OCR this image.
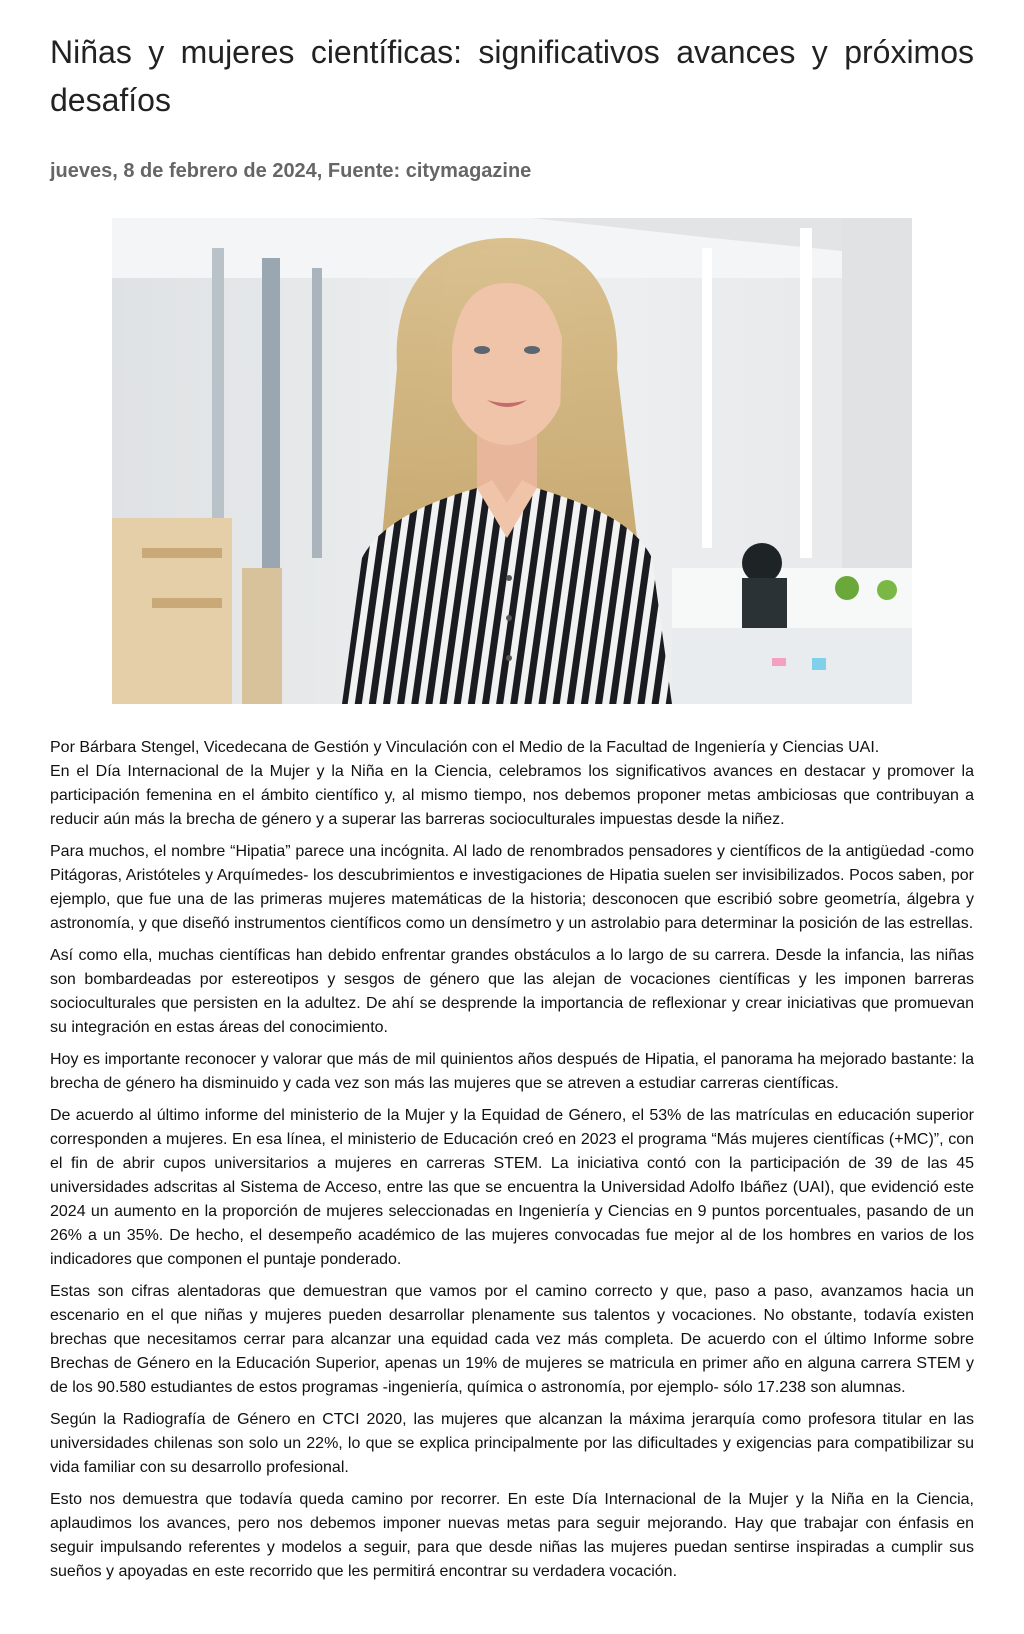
Niñas y mujeres científicas: significativos avances y próximos desafíos
jueves, 8 de febrero de 2024, Fuente: citymagazine

Por Bárbara Stengel, Vicedecana de Gestión y Vinculación con el Medio de la Facultad de Ingeniería y Ciencias UAI.

En el Día Internacional de la Mujer y la Niña en la Ciencia, celebramos los significativos avances en destacar y promover la participación femenina en el ámbito científico y, al mismo tiempo, nos debemos proponer metas ambiciosas que contribuyan a reducir aún más la brecha de género y a superar las barreras socioculturales impuestas desde la niñez.

Para muchos, el nombre “Hipatia” parece una incógnita. Al lado de renombrados pensadores y científicos de la antigüedad -como Pitágoras, Aristóteles y Arquímedes- los descubrimientos e investigaciones de Hipatia suelen ser invisibilizados. Pocos saben, por ejemplo, que fue una de las primeras mujeres matemáticas de la historia; desconocen que escribió sobre geometría, álgebra y astronomía, y que diseñó instrumentos científicos como un densímetro y un astrolabio para determinar la posición de las estrellas.

Así como ella, muchas científicas han debido enfrentar grandes obstáculos a lo largo de su carrera. Desde la infancia, las niñas son bombardeadas por estereotipos y sesgos de género que las alejan de vocaciones científicas y les imponen barreras socioculturales que persisten en la adultez. De ahí se desprende la importancia de reflexionar y crear iniciativas que promuevan su integración en estas áreas del conocimiento.

Hoy es importante reconocer y valorar que más de mil quinientos años después de Hipatia, el panorama ha mejorado bastante: la brecha de género ha disminuido y cada vez son más las mujeres que se atreven a estudiar carreras científicas.

De acuerdo al último informe del ministerio de la Mujer y la Equidad de Género, el 53% de las matrículas en educación superior corresponden a mujeres. En esa línea, el ministerio de Educación creó en 2023 el programa “Más mujeres científicas (+MC)”, con el fin de abrir cupos universitarios a mujeres en carreras STEM. La iniciativa contó con la participación de 39 de las 45 universidades adscritas al Sistema de Acceso, entre las que se encuentra la Universidad Adolfo Ibáñez (UAI), que evidenció este 2024 un aumento en la proporción de mujeres seleccionadas en Ingeniería y Ciencias en 9 puntos porcentuales, pasando de un 26% a un 35%. De hecho, el desempeño académico de las mujeres convocadas fue mejor al de los hombres en varios de los indicadores que componen el puntaje ponderado.

Estas son cifras alentadoras que demuestran que vamos por el camino correcto y que, paso a paso, avanzamos hacia un escenario en el que niñas y mujeres pueden desarrollar plenamente sus talentos y vocaciones. No obstante, todavía existen brechas que necesitamos cerrar para alcanzar una equidad cada vez más completa. De acuerdo con el último Informe sobre Brechas de Género en la Educación Superior, apenas un 19% de mujeres se matricula en primer año en alguna carrera STEM y de los 90.580 estudiantes de estos programas -ingeniería, química o astronomía, por ejemplo- sólo 17.238 son alumnas.

Según la Radiografía de Género en CTCI 2020, las mujeres que alcanzan la máxima jerarquía como profesora titular en las universidades chilenas son solo un 22%, lo que se explica principalmente por las dificultades y exigencias para compatibilizar su vida familiar con su desarrollo profesional.

Esto nos demuestra que todavía queda camino por recorrer. En este Día Internacional de la Mujer y la Niña en la Ciencia, aplaudimos los avances, pero nos debemos imponer nuevas metas para seguir mejorando. Hay que trabajar con énfasis en seguir impulsando referentes y modelos a seguir, para que desde niñas las mujeres puedan sentirse inspiradas a cumplir sus sueños y apoyadas en este recorrido que les permitirá encontrar su verdadera vocación.
